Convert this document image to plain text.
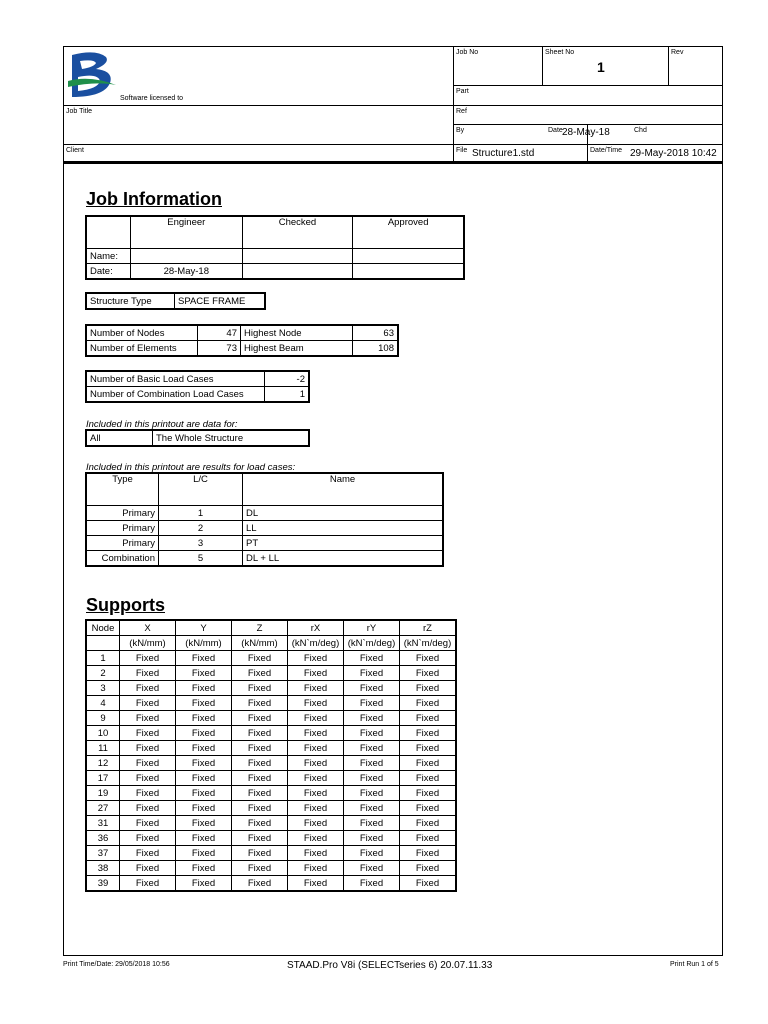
Software licensed to
Job No	Sheet No
1
Rev
Part
Job Title	Ref
By	Date 28-May-18	Chd
Client	File Structure1.std	Date/Time 29-May-2018 10:42
Job Information
	Engineer	Checked	Approved
Name:			
Date:	28-May-18		
Structure Type	SPACE FRAME
Number of Nodes	47	Highest Node	63
Number of Elements	73	Highest Beam	108
Number of Basic Load Cases	-2
Number of Combination Load Cases	1
Included in this printout are data for:
All	The Whole Structure
Included in this printout are results for load cases:
Type	L/C	Name
Primary	1	DL
Primary	2	LL
Primary	3	PT
Combination	5	DL + LL
Supports
Node	X	Y	Z	rX	rY	rZ
	(kN/mm)	(kN/mm)	(kN/mm)	(kN`m/deg)	(kN`m/deg)	(kN`m/deg)
1	Fixed	Fixed	Fixed	Fixed	Fixed	Fixed
2	Fixed	Fixed	Fixed	Fixed	Fixed	Fixed
3	Fixed	Fixed	Fixed	Fixed	Fixed	Fixed
4	Fixed	Fixed	Fixed	Fixed	Fixed	Fixed
9	Fixed	Fixed	Fixed	Fixed	Fixed	Fixed
10	Fixed	Fixed	Fixed	Fixed	Fixed	Fixed
11	Fixed	Fixed	Fixed	Fixed	Fixed	Fixed
12	Fixed	Fixed	Fixed	Fixed	Fixed	Fixed
17	Fixed	Fixed	Fixed	Fixed	Fixed	Fixed
19	Fixed	Fixed	Fixed	Fixed	Fixed	Fixed
27	Fixed	Fixed	Fixed	Fixed	Fixed	Fixed
31	Fixed	Fixed	Fixed	Fixed	Fixed	Fixed
36	Fixed	Fixed	Fixed	Fixed	Fixed	Fixed
37	Fixed	Fixed	Fixed	Fixed	Fixed	Fixed
38	Fixed	Fixed	Fixed	Fixed	Fixed	Fixed
39	Fixed	Fixed	Fixed	Fixed	Fixed	Fixed
Print Time/Date: 29/05/2018 10:56	STAAD.Pro V8i (SELECTseries 6) 20.07.11.33	Print Run 1 of 5
